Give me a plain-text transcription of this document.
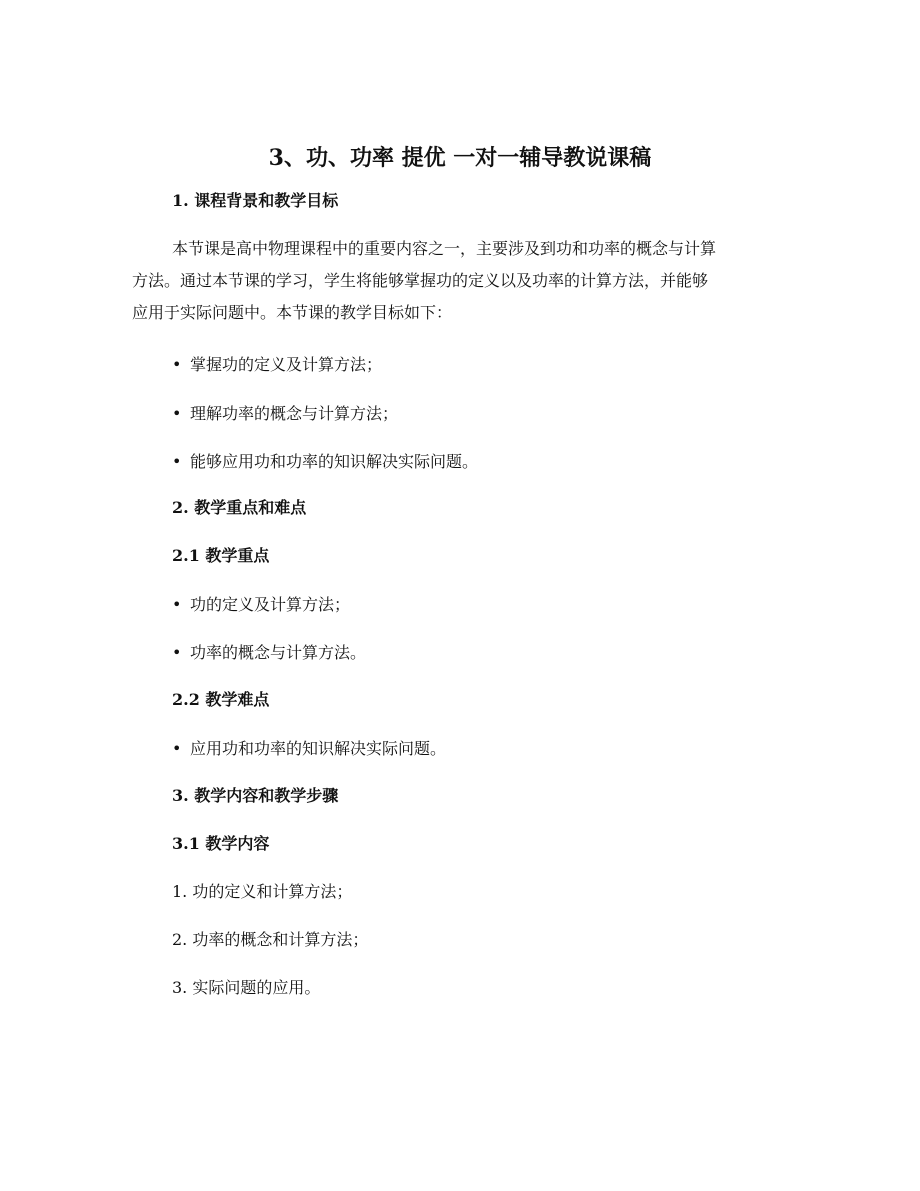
3、功、功率 提优 一对一辅导教说课稿
1. 课程背景和教学目标

本节课是高中物理课程中的重要内容之一，主要涉及到功和功率的概念与计算

方法。通过本节课的学习，学生将能够掌握功的定义以及功率的计算方法，并能够

应用于实际问题中。本节课的教学目标如下：

• 掌握功的定义及计算方法；
• 理解功率的概念与计算方法；
• 能够应用功和功率的知识解决实际问题。
2. 教学重点和难点
2.1 教学重点
• 功的定义及计算方法；
• 功率的概念与计算方法。
2.2 教学难点
• 应用功和功率的知识解决实际问题。
3. 教学内容和教学步骤
3.1 教学内容
1. 功的定义和计算方法；
2. 功率的概念和计算方法；
3. 实际问题的应用。
